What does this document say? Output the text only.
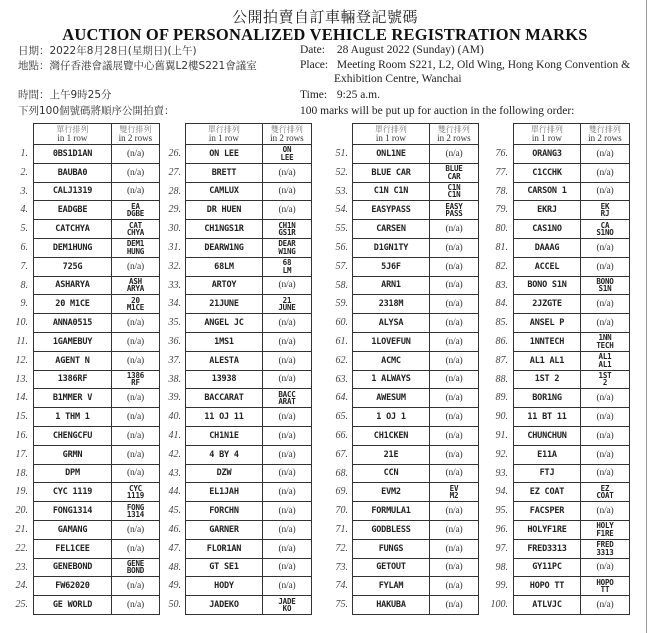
公開拍賣自訂車輛登記號碼
AUCTION OF PERSONALIZED VEHICLE REGISTRATION MARKS
日期：2022年8月28日(星期日)(上午)
地點：灣仔香港會議展覽中心舊翼L2樓S221會議室
時間：上午9時25分
下列100個號碼將順序公開拍賣：
Date: 28 August 2022 (Sunday) (AM)
Place: Meeting Room S221, L2, Old Wing, Hong Kong Convention &
Exhibition Centre, Wanchai
Time: 9:25 a.m.
100 marks will be put up for auction in the following order:
單行排列
in 1 row
雙行排列
in 2 rows
1.	0BS1D1AN	(n/a)
2.	BAUBA0	(n/a)
3.	CALJ1319	(n/a)
4.	EADGBE	EA
DGBE
5.	CATCHYA	CAT
CHYA
6.	DEM1HUNG	DEM1
HUNG
7.	725G	(n/a)
8.	ASHARYA	ASH
ARYA
9.	20 M1CE	20
M1CE
10.	ANNA0515	(n/a)
11.	1GAMEBUY	(n/a)
12.	AGENT N	(n/a)
13.	1386RF	1386
RF
14.	B1MMER V	(n/a)
15.	1 THM 1	(n/a)
16.	CHENGCFU	(n/a)
17.	GRMN	(n/a)
18.	DPM	(n/a)
19.	CYC 1119	CYC
1119
20.	FONG1314	FONG
1314
21.	GAMANG	(n/a)
22.	FEL1CEE	(n/a)
23.	GENEBOND	GENE
BOND
24.	FW62020	(n/a)
25.	GE WORLD	(n/a)
單行排列
in 1 row
雙行排列
in 2 rows
26.	ON LEE	ON
LEE
27.	BRETT	(n/a)
28.	CAMLUX	(n/a)
29.	DR HUEN	(n/a)
30.	CH1NGS1R	CH1N
GS1R
31.	DEARW1NG	DEAR
W1NG
32.	68LM	68
LM
33.	ARTOY	(n/a)
34.	21JUNE	21
JUNE
35.	ANGEL JC	(n/a)
36.	1MS1	(n/a)
37.	ALESTA	(n/a)
38.	13938	(n/a)
39.	BACCARAT	BACC
ARAT
40.	11 OJ 11	(n/a)
41.	CH1N1E	(n/a)
42.	4 BY 4	(n/a)
43.	DZW	(n/a)
44.	EL1JAH	(n/a)
45.	FORCHN	(n/a)
46.	GARNER	(n/a)
47.	FLOR1AN	(n/a)
48.	GT SE1	(n/a)
49.	HODY	(n/a)
50.	JADEKO	JADE
KO
單行排列
in 1 row
雙行排列
in 2 rows
51.	ONL1NE	(n/a)
52.	BLUE CAR	BLUE
CAR
53.	C1N C1N	C1N
C1N
54.	EASYPASS	EASY
PASS
55.	CARSEN	(n/a)
56.	D1GN1TY	(n/a)
57.	5J6F	(n/a)
58.	ARN1	(n/a)
59.	2318M	(n/a)
60.	ALYSA	(n/a)
61.	1LOVEFUN	(n/a)
62.	ACMC	(n/a)
63.	1 ALWAYS	(n/a)
64.	AWESUM	(n/a)
65.	1 OJ 1	(n/a)
66.	CH1CKEN	(n/a)
67.	21E	(n/a)
68.	CCN	(n/a)
69.	EVM2	EV
M2
70.	FORMULA1	(n/a)
71.	GODBLESS	(n/a)
72.	FUNGS	(n/a)
73.	GETOUT	(n/a)
74.	FYLAM	(n/a)
75.	HAKUBA	(n/a)
單行排列
in 1 row
雙行排列
in 2 rows
76.	ORANG3	(n/a)
77.	C1CCHK	(n/a)
78.	CARSON 1	(n/a)
79.	EKRJ	EK
RJ
80.	CAS1NO	CA
S1NO
81.	DAAAG	(n/a)
82.	ACCEL	(n/a)
83.	BONO S1N	BONO
S1N
84.	2JZGTE	(n/a)
85.	ANSEL P	(n/a)
86.	1NNTECH	1NN
TECH
87.	AL1 AL1	AL1
AL1
88.	1ST 2	1ST
2
89.	BOR1NG	(n/a)
90.	11 BT 11	(n/a)
91.	CHUNCHUN	(n/a)
92.	E11A	(n/a)
93.	FTJ	(n/a)
94.	EZ COAT	EZ
COAT
95.	FACSPER	(n/a)
96.	HOLYF1RE	HOLY
F1RE
97.	FRED3313	FRED
3313
98.	GY11PC	(n/a)
99.	HOPO TT	HOPO
TT
100.	ATLVJC	(n/a)
